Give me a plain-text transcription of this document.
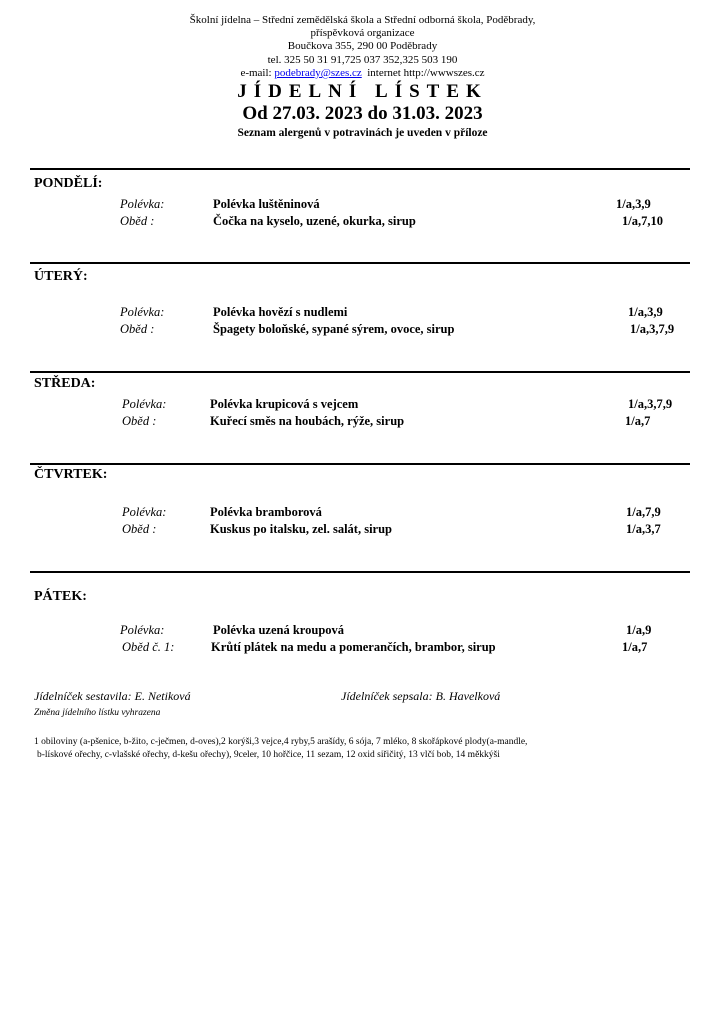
Školní jídelna – Střední zemědělská škola a Střední odborná škola, Poděbrady,
příspěvková organizace
Boučkova 355, 290 00 Poděbrady
tel. 325 50 31 91,725 037 352,325 503 190
e-mail: podebrady@szes.cz internet http://wwwszes.cz
JÍDELNÍ LÍSTEK
Od 27.03. 2023 do 31.03. 2023
Seznam alergenů v potravinách je uveden v příloze
PONDĚLÍ:
Polévka:	Polévka luštěninová	1/a,3,9
Oběd :	Čočka na kyselo, uzené, okurka, sirup	1/a,7,10
ÚTERÝ:
Polévka:	Polévka hovězí s nudlemi	1/a,3,9
Oběd :	Špagety boloňské, sypané sýrem, ovoce, sirup	1/a,3,7,9
STŘEDA:
Polévka:	Polévka krupicová s vejcem	1/a,3,7,9
Oběd :	Kuřecí směs na houbách, rýže, sirup	1/a,7
ČTVRTEK:
Polévka:	Polévka bramborová	1/a,7,9
Oběd :	Kuskus po italsku, zel. salát, sirup	1/a,3,7
PÁTEK:
Polévka:	Polévka uzená kroupová	1/a,9
Oběd č. 1:	Krůtí plátek na medu a pomerančích, brambor, sirup	1/a,7
Jídelníček sestavila: E. Netiková	Jídelníček sepsala: B. Havelková
Změna jídelního lístku vyhrazena
1 obiloviny (a-pšenice, b-žito, c-ječmen, d-oves),2 korýši,3 vejce,4 ryby,5 arašídy, 6 sója, 7 mléko, 8 skořápkové plody(a-mandle,
b-lískové ořechy, c-vlašské ořechy, d-kešu ořechy), 9celer, 10 hořčice, 11 sezam, 12 oxid siřičitý, 13 vlčí bob, 14 měkkýši
